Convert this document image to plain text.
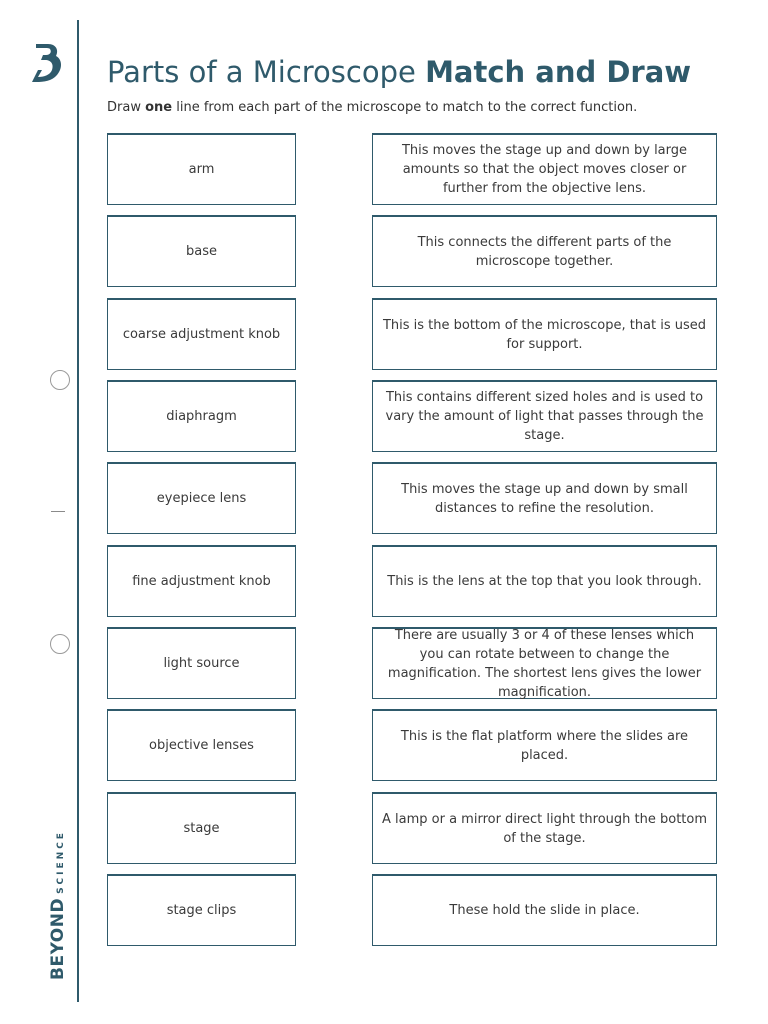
BEYONDSCIENCE
Parts of a Microscope Match and Draw
Draw one line from each part of the microscope to match to the correct function.
arm
base
coarse adjustment knob
diaphragm
eyepiece lens
fine adjustment knob
light source
objective lenses
stage
stage clips
This moves the stage up and down by large amounts so that the object moves closer or further from the objective lens.
This connects the different parts of the microscope together.
This is the bottom of the microscope, that is used for support.
This contains different sized holes and is used to vary the amount of light that passes through the stage.
This moves the stage up and down by small distances to refine the resolution.
This is the lens at the top that you look through.
There are usually 3 or 4 of these lenses which you can rotate between to change the magnification. The shortest lens gives the lower magnification.
This is the flat platform where the slides are placed.
A lamp or a mirror direct light through the bottom of the stage.
These hold the slide in place.
